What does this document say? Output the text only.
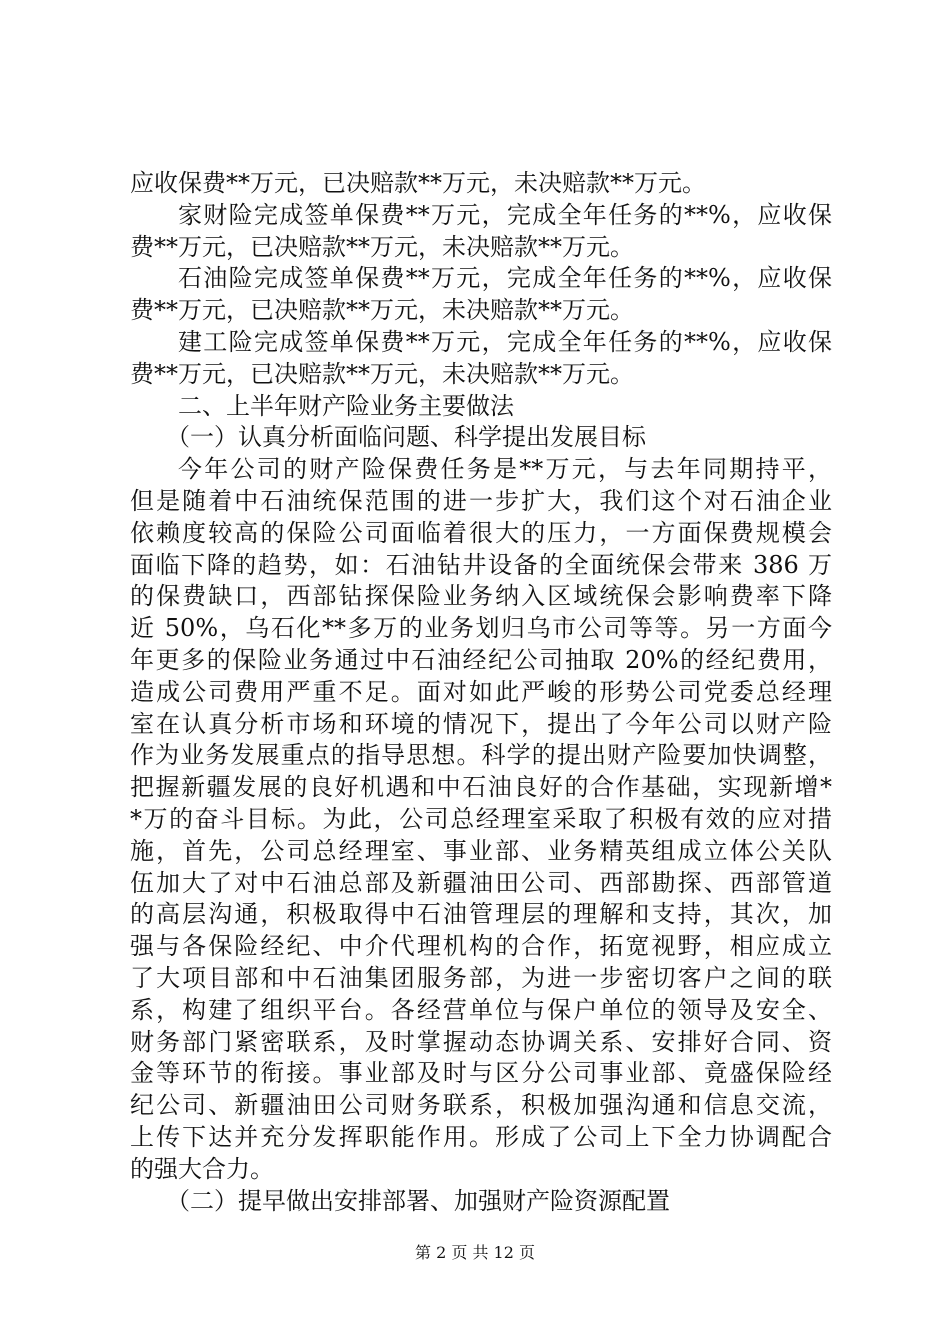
应收保费**万元，已决赔款**万元，未决赔款**万元。
家财险完成签单保费**万元，完成全年任务的**%，应收保
费**万元，已决赔款**万元，未决赔款**万元。
石油险完成签单保费**万元，完成全年任务的**%，应收保
费**万元，已决赔款**万元，未决赔款**万元。
建工险完成签单保费**万元，完成全年任务的**%，应收保
费**万元，已决赔款**万元，未决赔款**万元。
二、上半年财产险业务主要做法
（一）认真分析面临问题、科学提出发展目标
今年公司的财产险保费任务是**万元，与去年同期持平，
但是随着中石油统保范围的进一步扩大，我们这个对石油企业
依赖度较高的保险公司面临着很大的压力，一方面保费规模会
面临下降的趋势，如：石油钻井设备的全面统保会带来 386 万
的保费缺口，西部钻探保险业务纳入区域统保会影响费率下降
近 50%，乌石化**多万的业务划归乌市公司等等。另一方面今
年更多的保险业务通过中石油经纪公司抽取 20%的经纪费用，
造成公司费用严重不足。面对如此严峻的形势公司党委总经理
室在认真分析市场和环境的情况下，提出了今年公司以财产险
作为业务发展重点的指导思想。科学的提出财产险要加快调整，
把握新疆发展的良好机遇和中石油良好的合作基础，实现新增*
*万的奋斗目标。为此，公司总经理室采取了积极有效的应对措
施，首先，公司总经理室、事业部、业务精英组成立体公关队
伍加大了对中石油总部及新疆油田公司、西部勘探、西部管道
的高层沟通，积极取得中石油管理层的理解和支持，其次，加
强与各保险经纪、中介代理机构的合作，拓宽视野，相应成立
了大项目部和中石油集团服务部，为进一步密切客户之间的联
系，构建了组织平台。各经营单位与保户单位的领导及安全、
财务部门紧密联系，及时掌握动态协调关系、安排好合同、资
金等环节的衔接。事业部及时与区分公司事业部、竟盛保险经
纪公司、新疆油田公司财务联系，积极加强沟通和信息交流，
上传下达并充分发挥职能作用。形成了公司上下全力协调配合
的强大合力。
（二）提早做出安排部署、加强财产险资源配置
第 2 页 共 12 页
